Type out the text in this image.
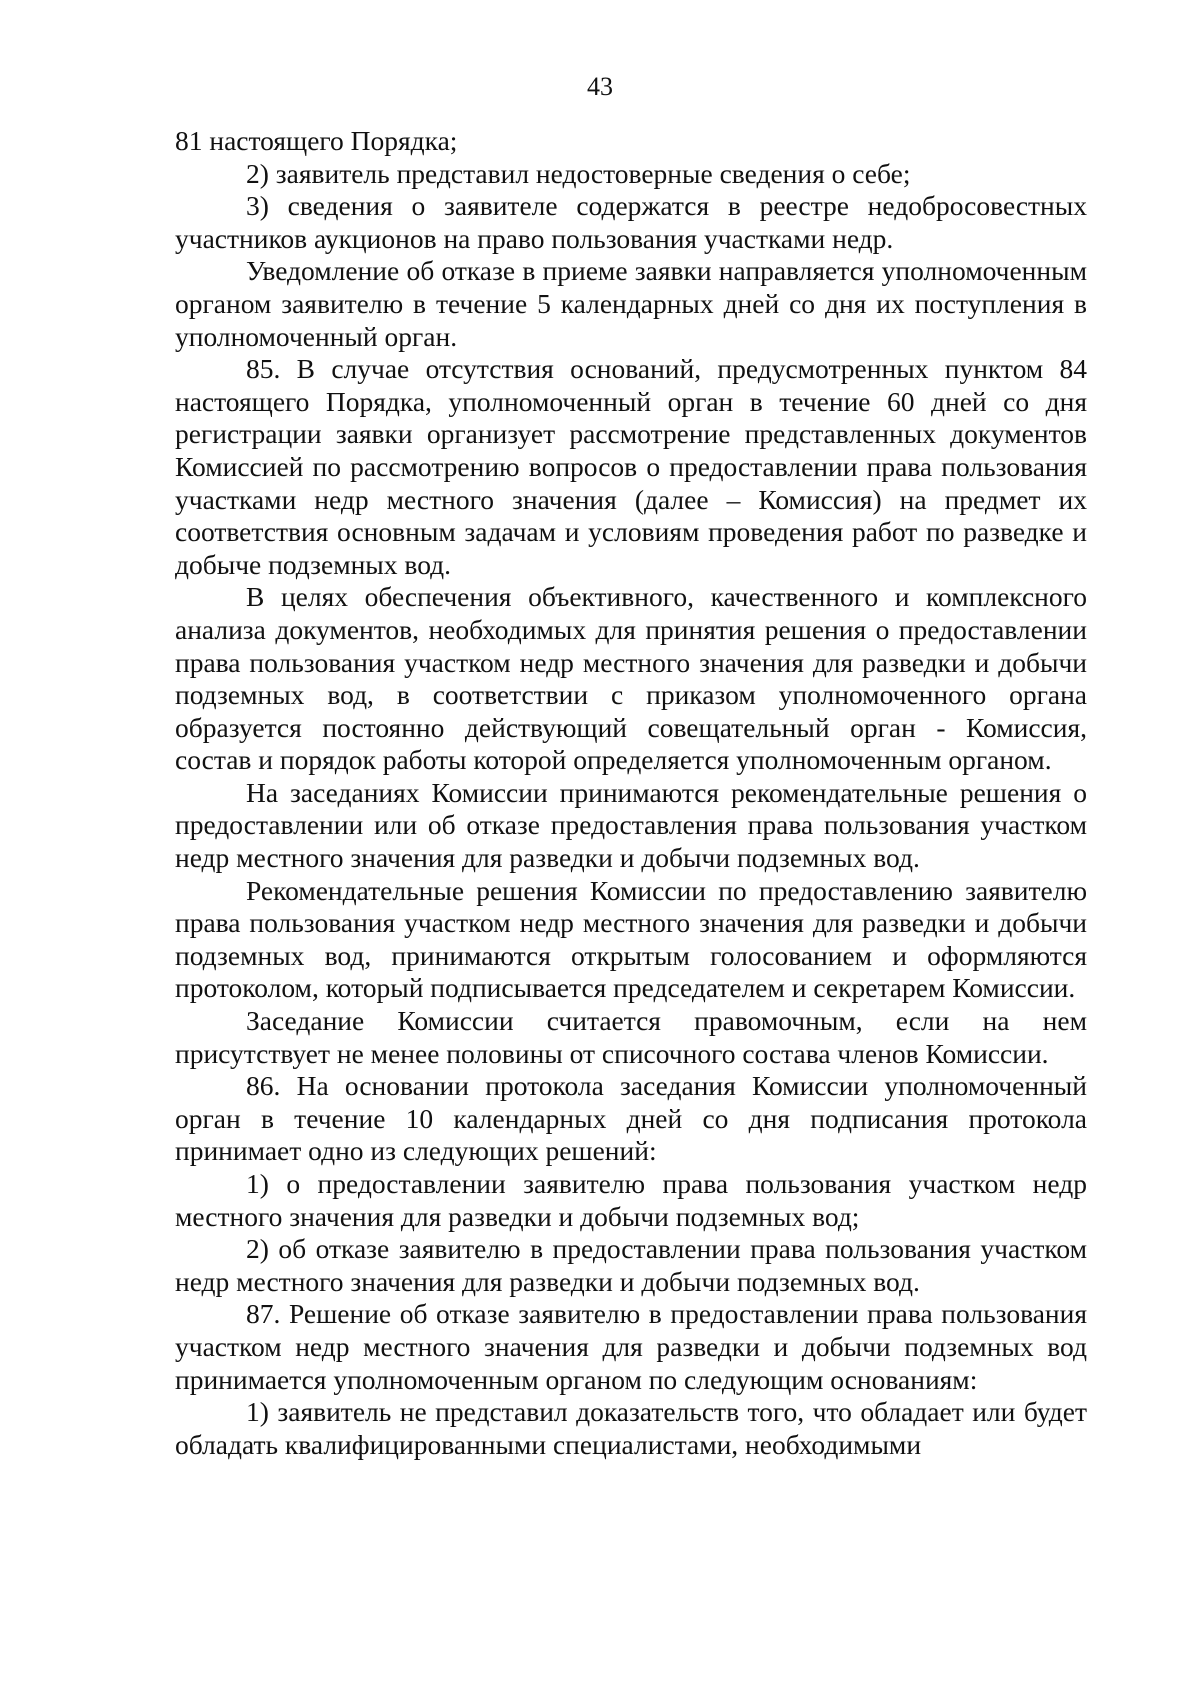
43

81 настоящего Порядка;

2) заявитель представил недостоверные сведения о себе;

3) сведения о заявителе содержатся в реестре недобросовестных участников аукционов на право пользования участками недр.

Уведомление об отказе в приеме заявки направляется уполномоченным органом заявителю в течение 5 календарных дней со дня их поступления в уполномоченный орган.

85. В случае отсутствия оснований, предусмотренных пунктом 84 настоящего Порядка, уполномоченный орган в течение 60 дней со дня регистрации заявки организует рассмотрение представленных документов Комиссией по рассмотрению вопросов о предоставлении права пользования участками недр местного значения (далее – Комиссия) на предмет их соответствия основным задачам и условиям проведения работ по разведке и добыче подземных вод.

В целях обеспечения объективного, качественного и комплексного анализа документов, необходимых для принятия решения о предоставлении права пользования участком недр местного значения для разведки и добычи подземных вод, в соответствии с приказом уполномоченного органа образуется постоянно действующий совещательный орган - Комиссия, состав и порядок работы которой определяется уполномоченным органом.

На заседаниях Комиссии принимаются рекомендательные решения о предоставлении или об отказе предоставления права пользования участком недр местного значения для разведки и добычи подземных вод.

Рекомендательные решения Комиссии по предоставлению заявителю права пользования участком недр местного значения для разведки и добычи подземных вод, принимаются открытым голосованием и оформляются протоколом, который подписывается председателем и секретарем Комиссии.

Заседание Комиссии считается правомочным, если на нем присутствует не менее половины от списочного состава членов Комиссии.

86. На основании протокола заседания Комиссии уполномоченный орган в течение 10 календарных дней со дня подписания протокола принимает одно из следующих решений:

1) о предоставлении заявителю права пользования участком недр местного значения для разведки и добычи подземных вод;

2) об отказе заявителю в предоставлении права пользования участком недр местного значения для разведки и добычи подземных вод.

87. Решение об отказе заявителю в предоставлении права пользования участком недр местного значения для разведки и добычи подземных вод принимается уполномоченным органом по следующим основаниям:

1) заявитель не представил доказательств того, что обладает или будет обладать квалифицированными специалистами, необходимыми
